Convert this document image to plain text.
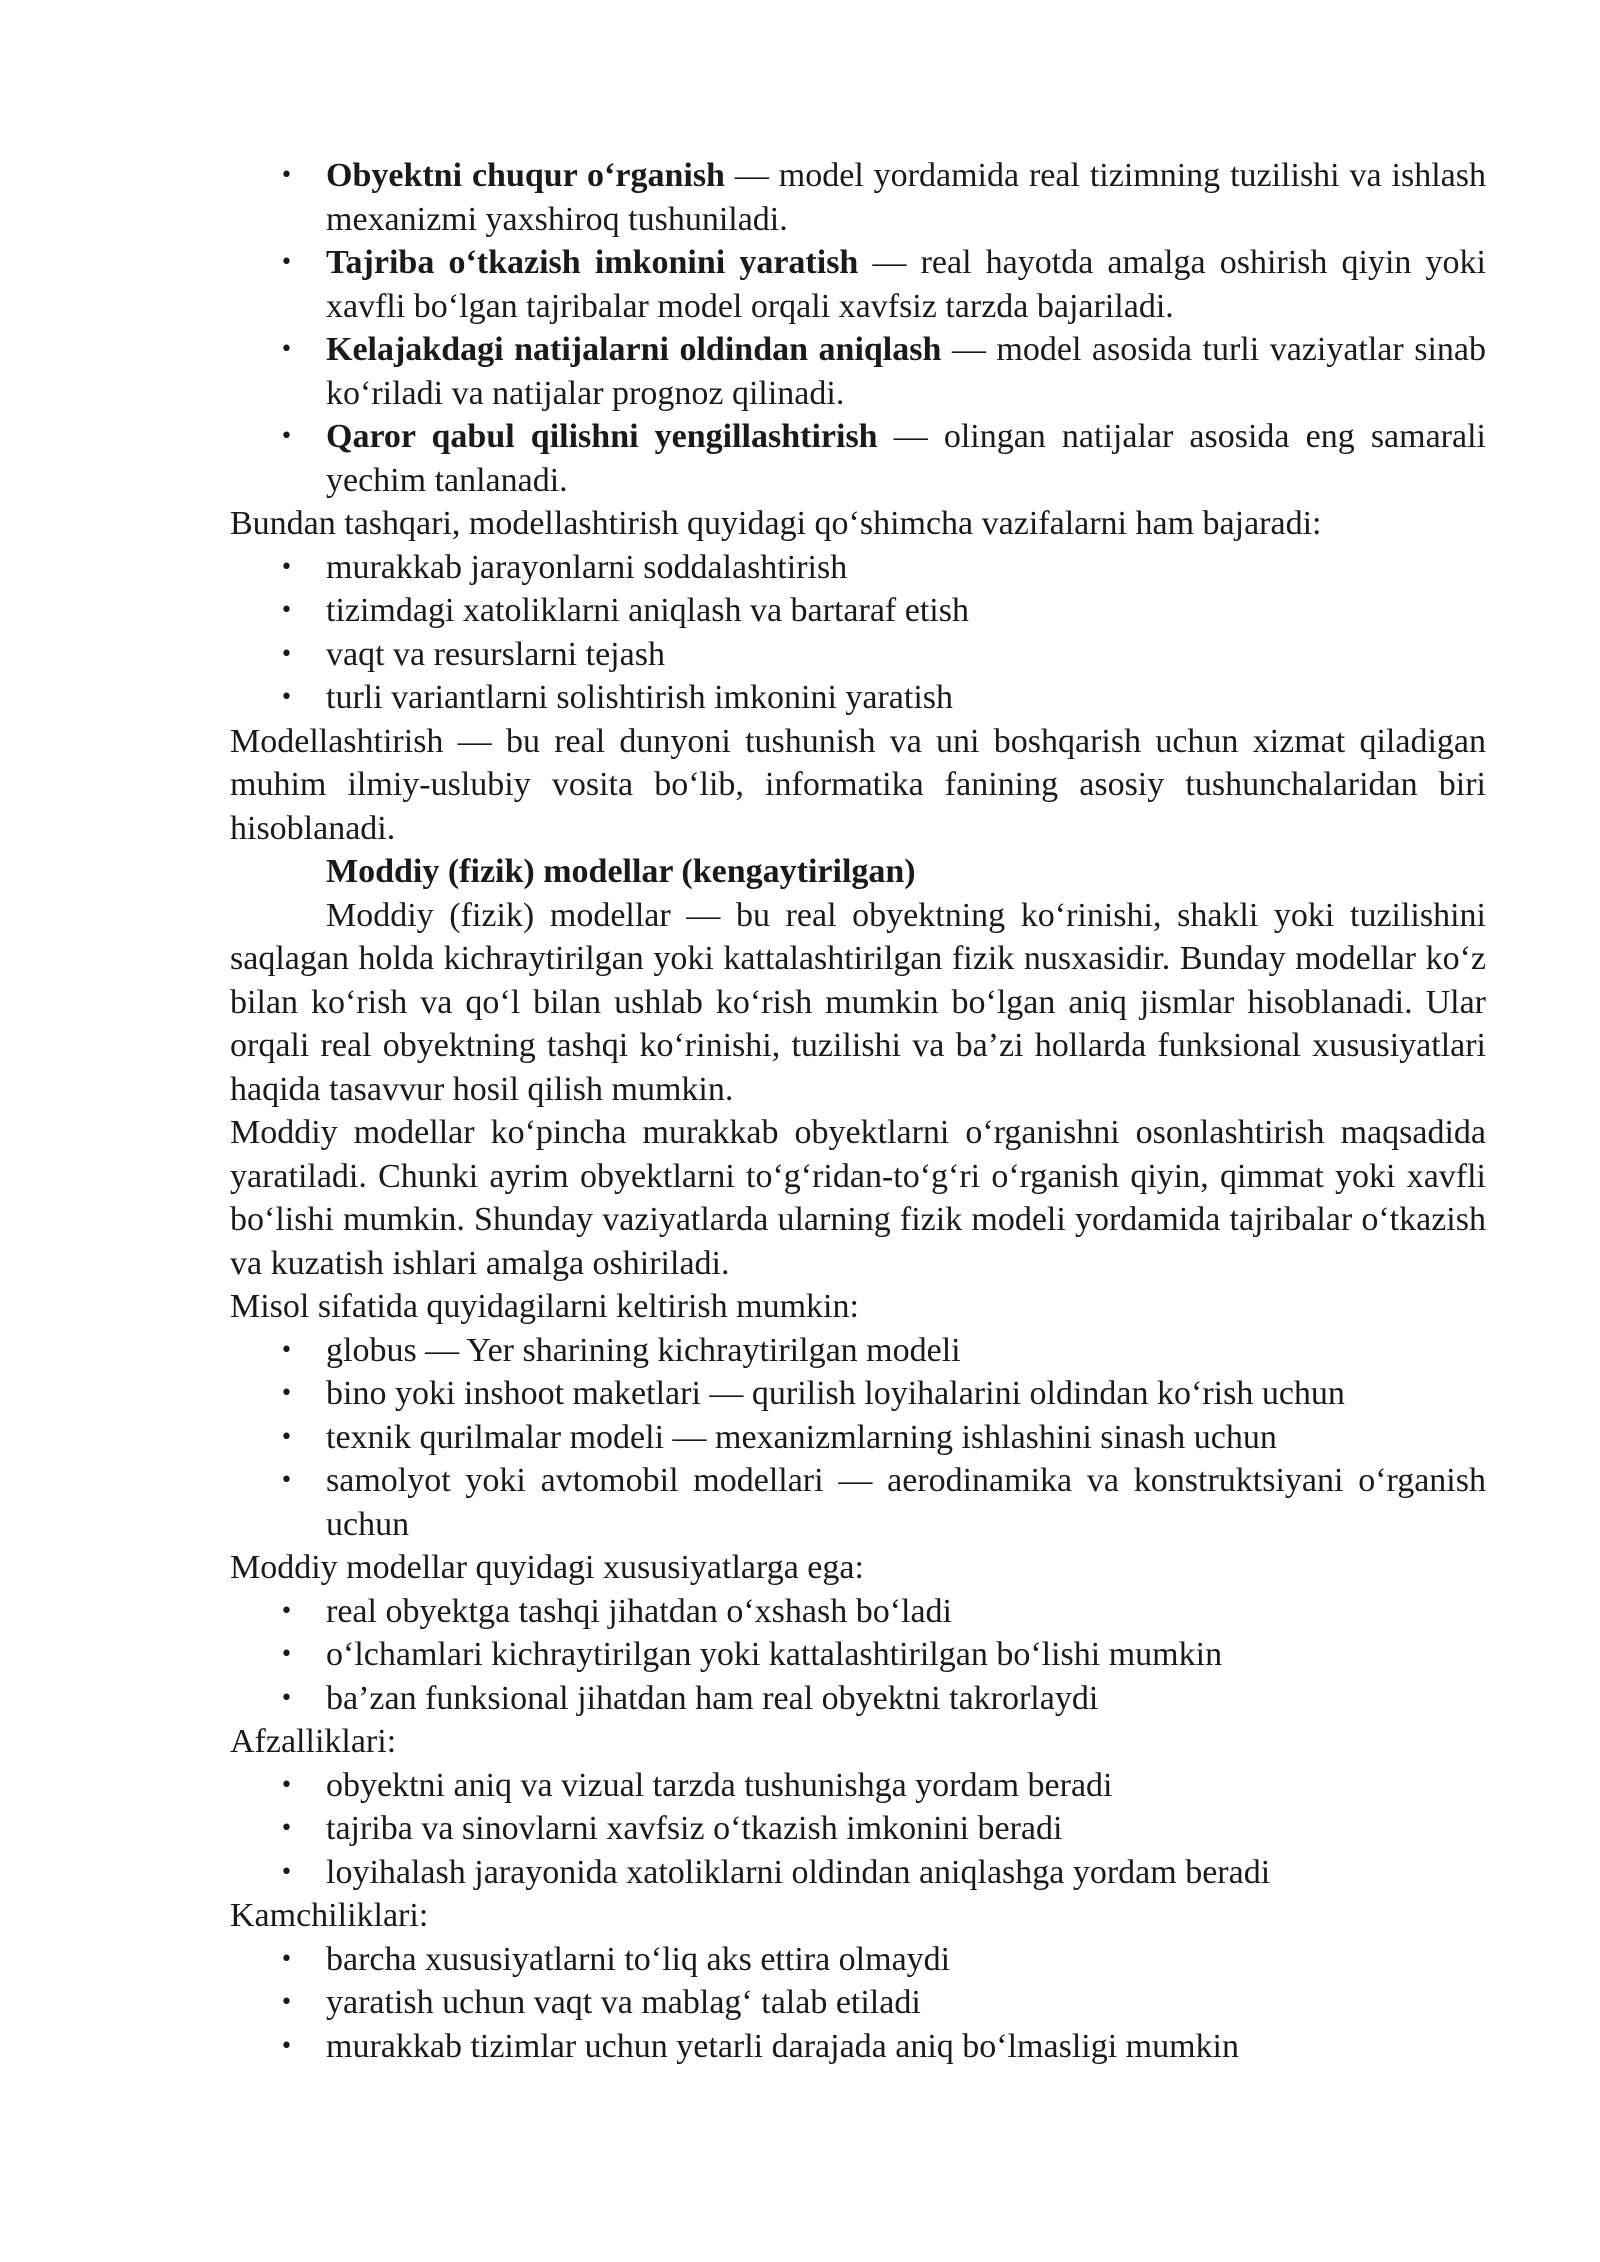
• Obyektni chuqur o‘rganish — model yordamida real tizimning tuzilishi va ishlash mexanizmi yaxshiroq tushuniladi.
• Tajriba o‘tkazish imkonini yaratish — real hayotda amalga oshirish qiyin yoki xavfli bo‘lgan tajribalar model orqali xavfsiz tarzda bajariladi.
• Kelajakdagi natijalarni oldindan aniqlash — model asosida turli vaziyatlar sinab ko‘riladi va natijalar prognoz qilinadi.
• Qaror qabul qilishni yengillashtirish — olingan natijalar asosida eng samarali yechim tanlanadi.

Bundan tashqari, modellashtirish quyidagi qo‘shimcha vazifalarni ham bajaradi:

• murakkab jarayonlarni soddalashtirish
• tizimdagi xatoliklarni aniqlash va bartaraf etish
• vaqt va resurslarni tejash
• turli variantlarni solishtirish imkonini yaratish

Modellashtirish — bu real dunyoni tushunish va uni boshqarish uchun xizmat qiladigan muhim ilmiy-uslubiy vosita bo‘lib, informatika fanining asosiy tushunchalaridan biri hisoblanadi.

Moddiy (fizik) modellar (kengaytirilgan)

Moddiy (fizik) modellar — bu real obyektning ko‘rinishi, shakli yoki tuzilishini saqlagan holda kichraytirilgan yoki kattalashtirilgan fizik nusxasidir. Bunday modellar ko‘z bilan ko‘rish va qo‘l bilan ushlab ko‘rish mumkin bo‘lgan aniq jismlar hisoblanadi. Ular orqali real obyektning tashqi ko‘rinishi, tuzilishi va ba’zi hollarda funksional xususiyatlari haqida tasavvur hosil qilish mumkin.

Moddiy modellar ko‘pincha murakkab obyektlarni o‘rganishni osonlashtirish maqsadida yaratiladi. Chunki ayrim obyektlarni to‘g‘ridan-to‘g‘ri o‘rganish qiyin, qimmat yoki xavfli bo‘lishi mumkin. Shunday vaziyatlarda ularning fizik modeli yordamida tajribalar o‘tkazish va kuzatish ishlari amalga oshiriladi.

Misol sifatida quyidagilarni keltirish mumkin:

• globus — Yer sharining kichraytirilgan modeli
• bino yoki inshoot maketlari — qurilish loyihalarini oldindan ko‘rish uchun
• texnik qurilmalar modeli — mexanizmlarning ishlashini sinash uchun
• samolyot yoki avtomobil modellari — aerodinamika va konstruktsiyani o‘rganish uchun

Moddiy modellar quyidagi xususiyatlarga ega:

• real obyektga tashqi jihatdan o‘xshash bo‘ladi
• o‘lchamlari kichraytirilgan yoki kattalashtirilgan bo‘lishi mumkin
• ba’zan funksional jihatdan ham real obyektni takrorlaydi

Afzalliklari:

• obyektni aniq va vizual tarzda tushunishga yordam beradi
• tajriba va sinovlarni xavfsiz o‘tkazish imkonini beradi
• loyihalash jarayonida xatoliklarni oldindan aniqlashga yordam beradi

Kamchiliklari:

• barcha xususiyatlarni to‘liq aks ettira olmaydi
• yaratish uchun vaqt va mablag‘ talab etiladi
• murakkab tizimlar uchun yetarli darajada aniq bo‘lmasligi mumkin
